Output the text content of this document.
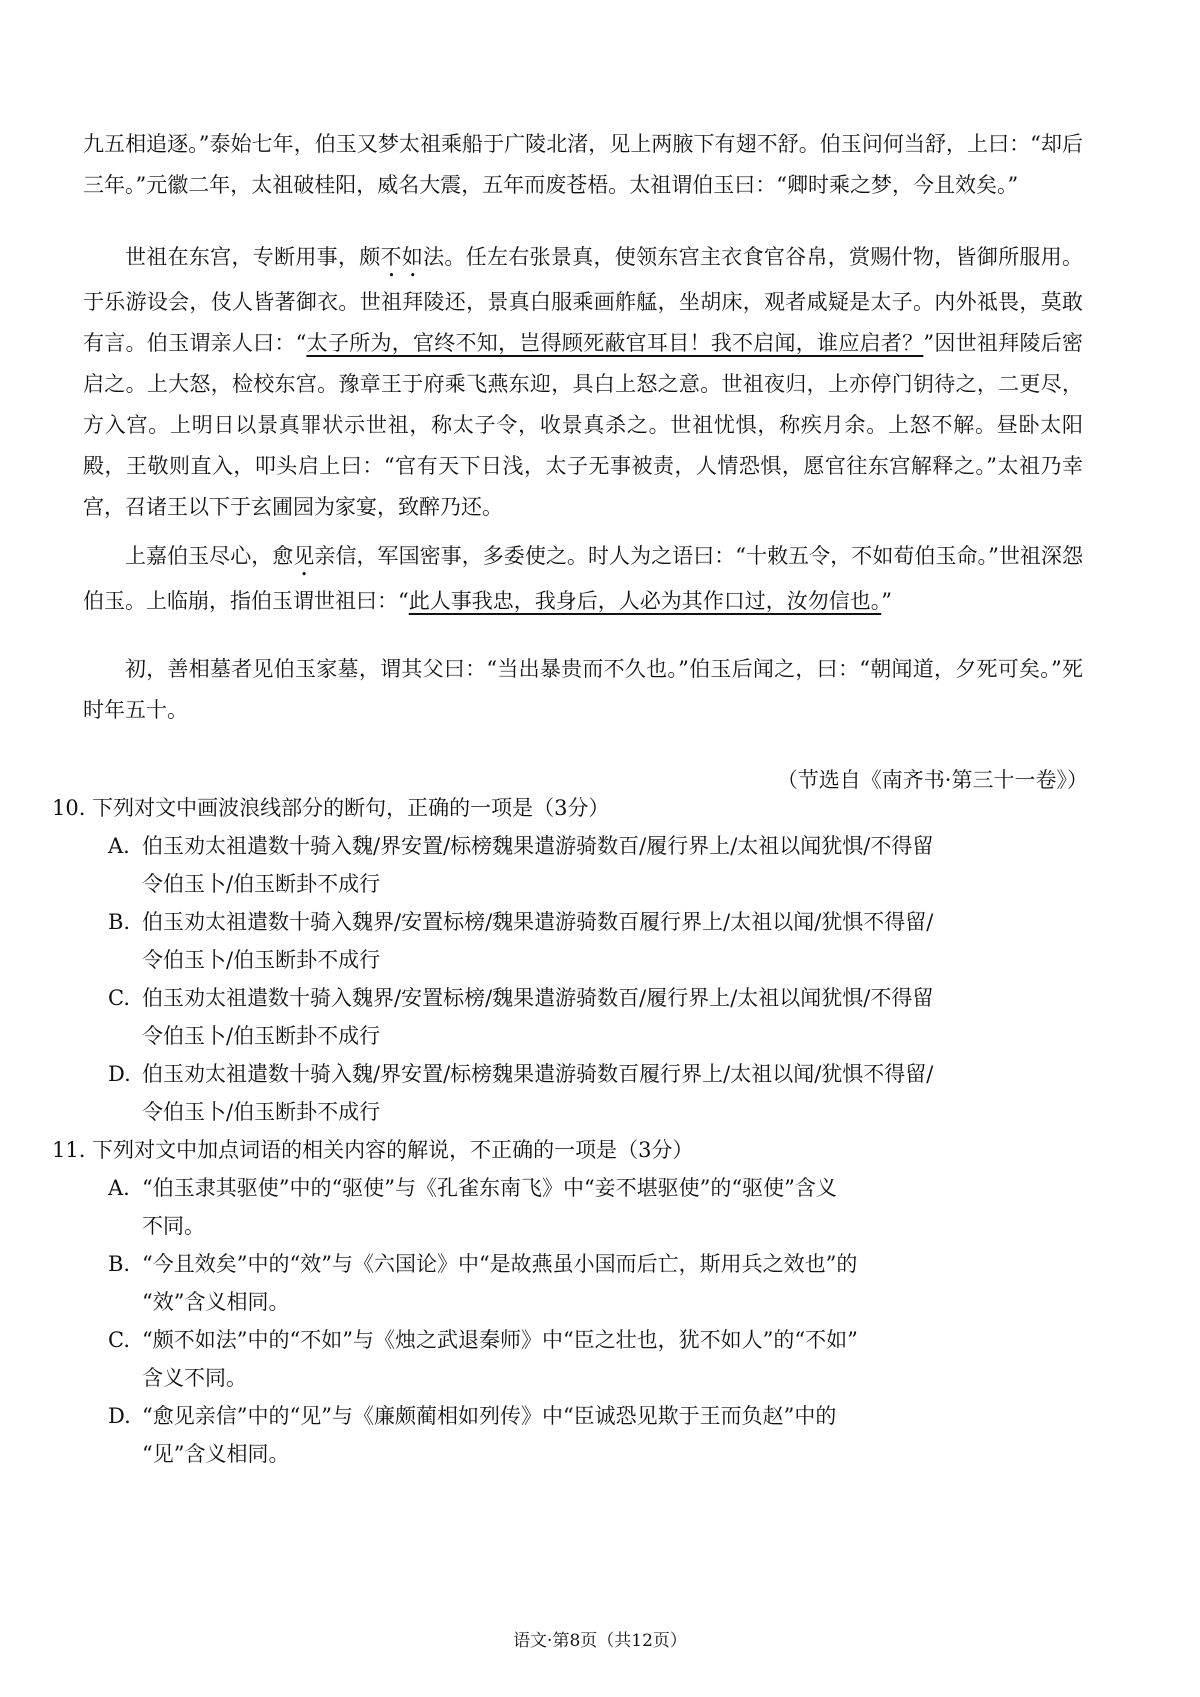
九五相追逐。”泰始七年，伯玉又梦太祖乘船于广陵北渚，见上两腋下有翅不舒。伯玉问何当舒，上曰：“却后三年。”元徽二年，太祖破桂阳，威名大震，五年而废苍梧。太祖谓伯玉曰：“卿时乘之梦，今且效矣。”

世祖在东宫，专断用事，颇不如法。任左右张景真，使领东宫主衣食官谷帛，赏赐什物，皆御所服用。于乐游设会，伎人皆著御衣。世祖拜陵还，景真白服乘画舴艋，坐胡床，观者咸疑是太子。内外祗畏，莫敢有言。伯玉谓亲人曰：“太子所为，官终不知，岂得顾死蔽官耳目！我不启闻，谁应启者？”因世祖拜陵后密启之。上大怒，检校东宫。豫章王于府乘飞燕东迎，具白上怒之意。世祖夜归，上亦停门钥待之，二更尽，方入宫。上明日以景真罪状示世祖，称太子令，收景真杀之。世祖忧惧，称疾月余。上怒不解。昼卧太阳殿，王敬则直入，叩头启上曰：“官有天下日浅，太子无事被责，人情恐惧，愿官往东宫解释之。”太祖乃幸宫，召诸王以下于玄圃园为家宴，致醉乃还。

上嘉伯玉尽心，愈见亲信，军国密事，多委使之。时人为之语曰：“十敕五令，不如荀伯玉命。”世祖深怨伯玉。上临崩，指伯玉谓世祖曰：“此人事我忠，我身后，人必为其作口过，汝勿信也。”

初，善相墓者见伯玉家墓，谓其父曰：“当出暴贵而不久也。”伯玉后闻之，曰：“朝闻道，夕死可矣。”死时年五十。

（节选自《南齐书·第三十一卷》）

10. 下列对文中画波浪线部分的断句，正确的一项是（3分）

A. 伯玉劝太祖遣数十骑入魏/界安置/标榜魏果遣游骑数百/履行界上/太祖以闻犹惧/不得留
令伯玉卜/伯玉断卦不成行
B. 伯玉劝太祖遣数十骑入魏界/安置标榜/魏果遣游骑数百履行界上/太祖以闻/犹惧不得留/
令伯玉卜/伯玉断卦不成行
C. 伯玉劝太祖遣数十骑入魏界/安置标榜/魏果遣游骑数百/履行界上/太祖以闻犹惧/不得留
令伯玉卜/伯玉断卦不成行
D. 伯玉劝太祖遣数十骑入魏/界安置/标榜魏果遣游骑数百履行界上/太祖以闻/犹惧不得留/
令伯玉卜/伯玉断卦不成行

11. 下列对文中加点词语的相关内容的解说，不正确的一项是（3分）

A. “伯玉隶其驱使”中的“驱使”与《孔雀东南飞》中“妾不堪驱使”的“驱使”含义
不同。
B. “今且效矣”中的“效”与《六国论》中“是故燕虽小国而后亡，斯用兵之效也”的
“效”含义相同。
C. “颇不如法”中的“不如”与《烛之武退秦师》中“臣之壮也，犹不如人”的“不如”
含义不同。
D. “愈见亲信”中的“见”与《廉颇蔺相如列传》中“臣诚恐见欺于王而负赵”中的
“见”含义相同。

语文·第8页（共12页）
